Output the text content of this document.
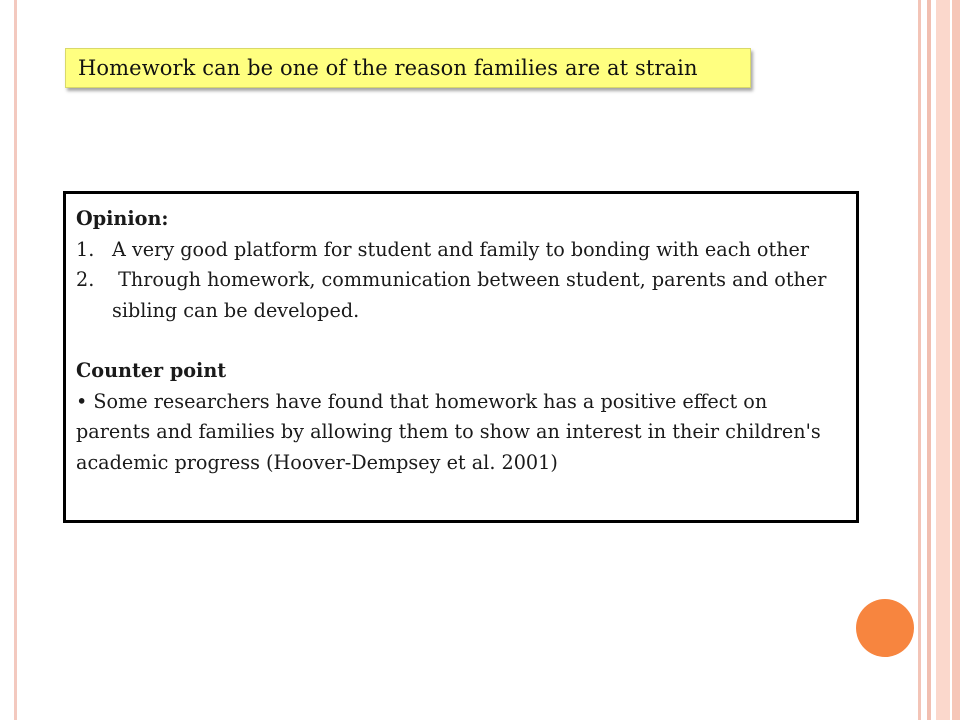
Homework can be one of the reason families are at strain

Opinion:

1. A very good platform for student and family to bonding with each other
2. Through homework, communication between student, parents and other sibling can be developed.

Counter point

• Some researchers have found that homework has a positive effect on parents and families by allowing them to show an interest in their children's academic progress (Hoover-Dempsey et al. 2001)
